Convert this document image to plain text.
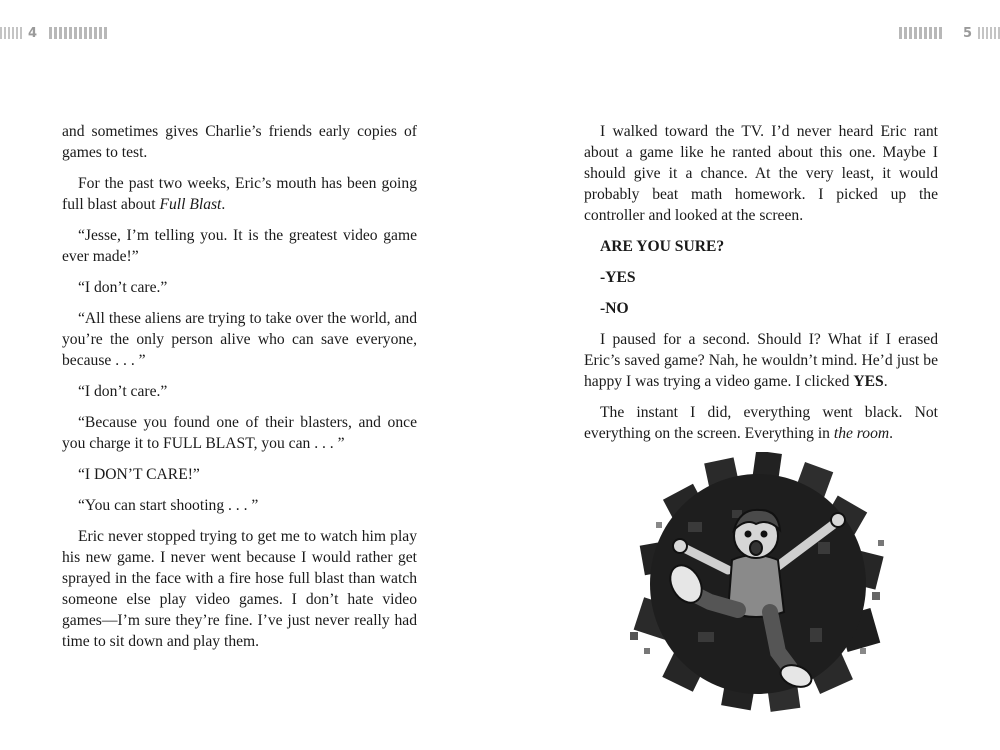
4	5

and sometimes gives Charlie’s friends early copies of games to test.

For the past two weeks, Eric’s mouth has been going full blast about Full Blast.

“Jesse, I’m telling you. It is the greatest video game ever made!”

“I don’t care.”

“All these aliens are trying to take over the world, and you’re the only person alive who can save everyone, because . . . ”

“I don’t care.”

“Because you found one of their blasters, and once you charge it to FULL BLAST, you can . . . ”

“I DON’T CARE!”

“You can start shooting . . . ”

Eric never stopped trying to get me to watch him play his new game. I never went because I would rather get sprayed in the face with a fire hose full blast than watch someone else play video games. I don’t hate video games—I’m sure they’re fine. I’ve just never really had time to sit down and play them.

I walked toward the TV. I’d never heard Eric rant about a game like he ranted about this one. Maybe I should give it a chance. At the very least, it would probably beat math homework. I picked up the controller and looked at the screen.

ARE YOU SURE?

-YES

-NO

I paused for a second. Should I? What if I erased Eric’s saved game? Nah, he wouldn’t mind. He’d just be happy I was trying a video game. I clicked YES.

The instant I did, everything went black. Not everything on the screen. Everything in the room.
